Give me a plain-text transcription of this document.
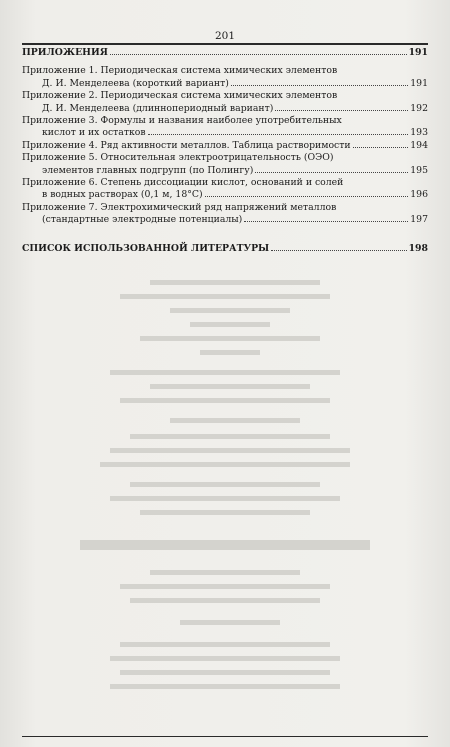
201
ПРИЛОЖЕНИЯ	191
Приложение 1. Периодическая система химических элементов
Д. И. Менделеева (короткий вариант)	191
Приложение 2. Периодическая система химических элементов
Д. И. Менделеева (длиннопериодный вариант)	192
Приложение 3. Формулы и названия наиболее употребительных
кислот и их остатков	193
Приложение 4. Ряд активности металлов. Таблица растворимости	194
Приложение 5. Относительная электроотрицательность (ОЭО)
элементов главных подгрупп (по Полингу)	195
Приложение 6. Степень диссоциации кислот, оснований и солей
в водных растворах (0,1 м, 18°С)	196
Приложение 7. Электрохимический ряд напряжений металлов
(стандартные электродные потенциалы)	197
СПИСОК ИСПОЛЬЗОВАННОЙ ЛИТЕРАТУРЫ	198
